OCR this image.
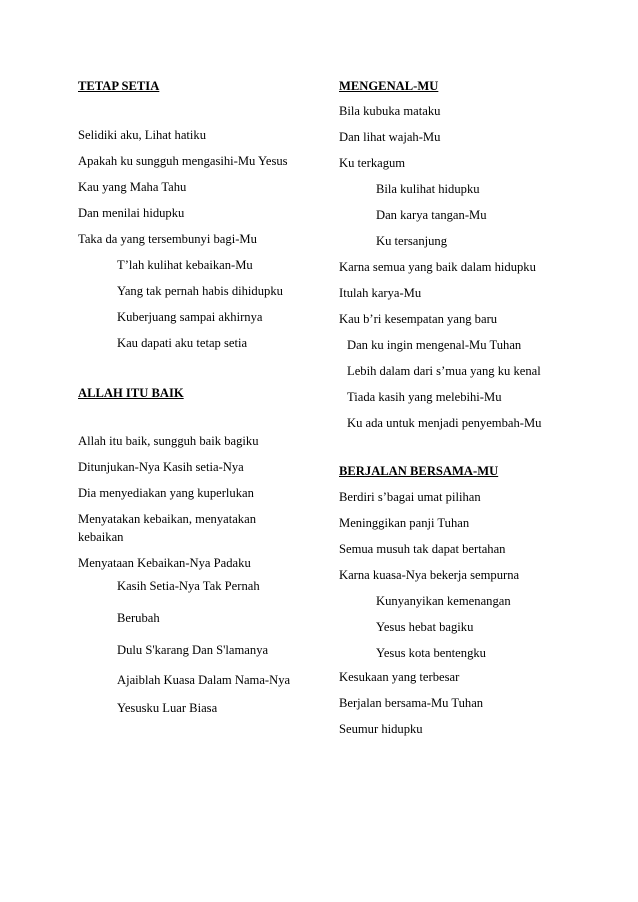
TETAP SETIA
Selidiki aku, Lihat hatiku
Apakah ku sungguh mengasihi-Mu Yesus
Kau yang Maha Tahu
Dan menilai hidupku
Taka da yang tersembunyi bagi-Mu
T’lah kulihat kebaikan-Mu
Yang tak pernah habis dihidupku
Kuberjuang sampai akhirnya
Kau dapati aku tetap setia
ALLAH ITU BAIK
Allah itu baik, sungguh baik bagiku
Ditunjukan-Nya Kasih setia-Nya
Dia menyediakan yang kuperlukan
Menyatakan kebaikan, menyatakan kebaikan
Menyataan Kebaikan-Nya Padaku
Kasih Setia-Nya Tak Pernah
Berubah
Dulu S'karang Dan S'lamanya
Ajaiblah Kuasa Dalam Nama-Nya
Yesusku Luar Biasa
MENGENAL-MU
Bila kubuka mataku
Dan lihat wajah-Mu
Ku terkagum
Bila kulihat hidupku
Dan karya tangan-Mu
Ku tersanjung
Karna semua yang baik dalam hidupku
Itulah karya-Mu
Kau b’ri kesempatan yang baru
Dan ku ingin mengenal-Mu Tuhan
Lebih dalam dari s’mua yang ku kenal
Tiada kasih yang melebihi-Mu
Ku ada untuk menjadi penyembah-Mu
BERJALAN BERSAMA-MU
Berdiri s’bagai umat pilihan
Meninggikan panji Tuhan
Semua musuh tak dapat bertahan
Karna kuasa-Nya bekerja sempurna
Kunyanyikan kemenangan
Yesus hebat bagiku
Yesus kota bentengku
Kesukaan yang terbesar
Berjalan bersama-Mu Tuhan
Seumur hidupku
